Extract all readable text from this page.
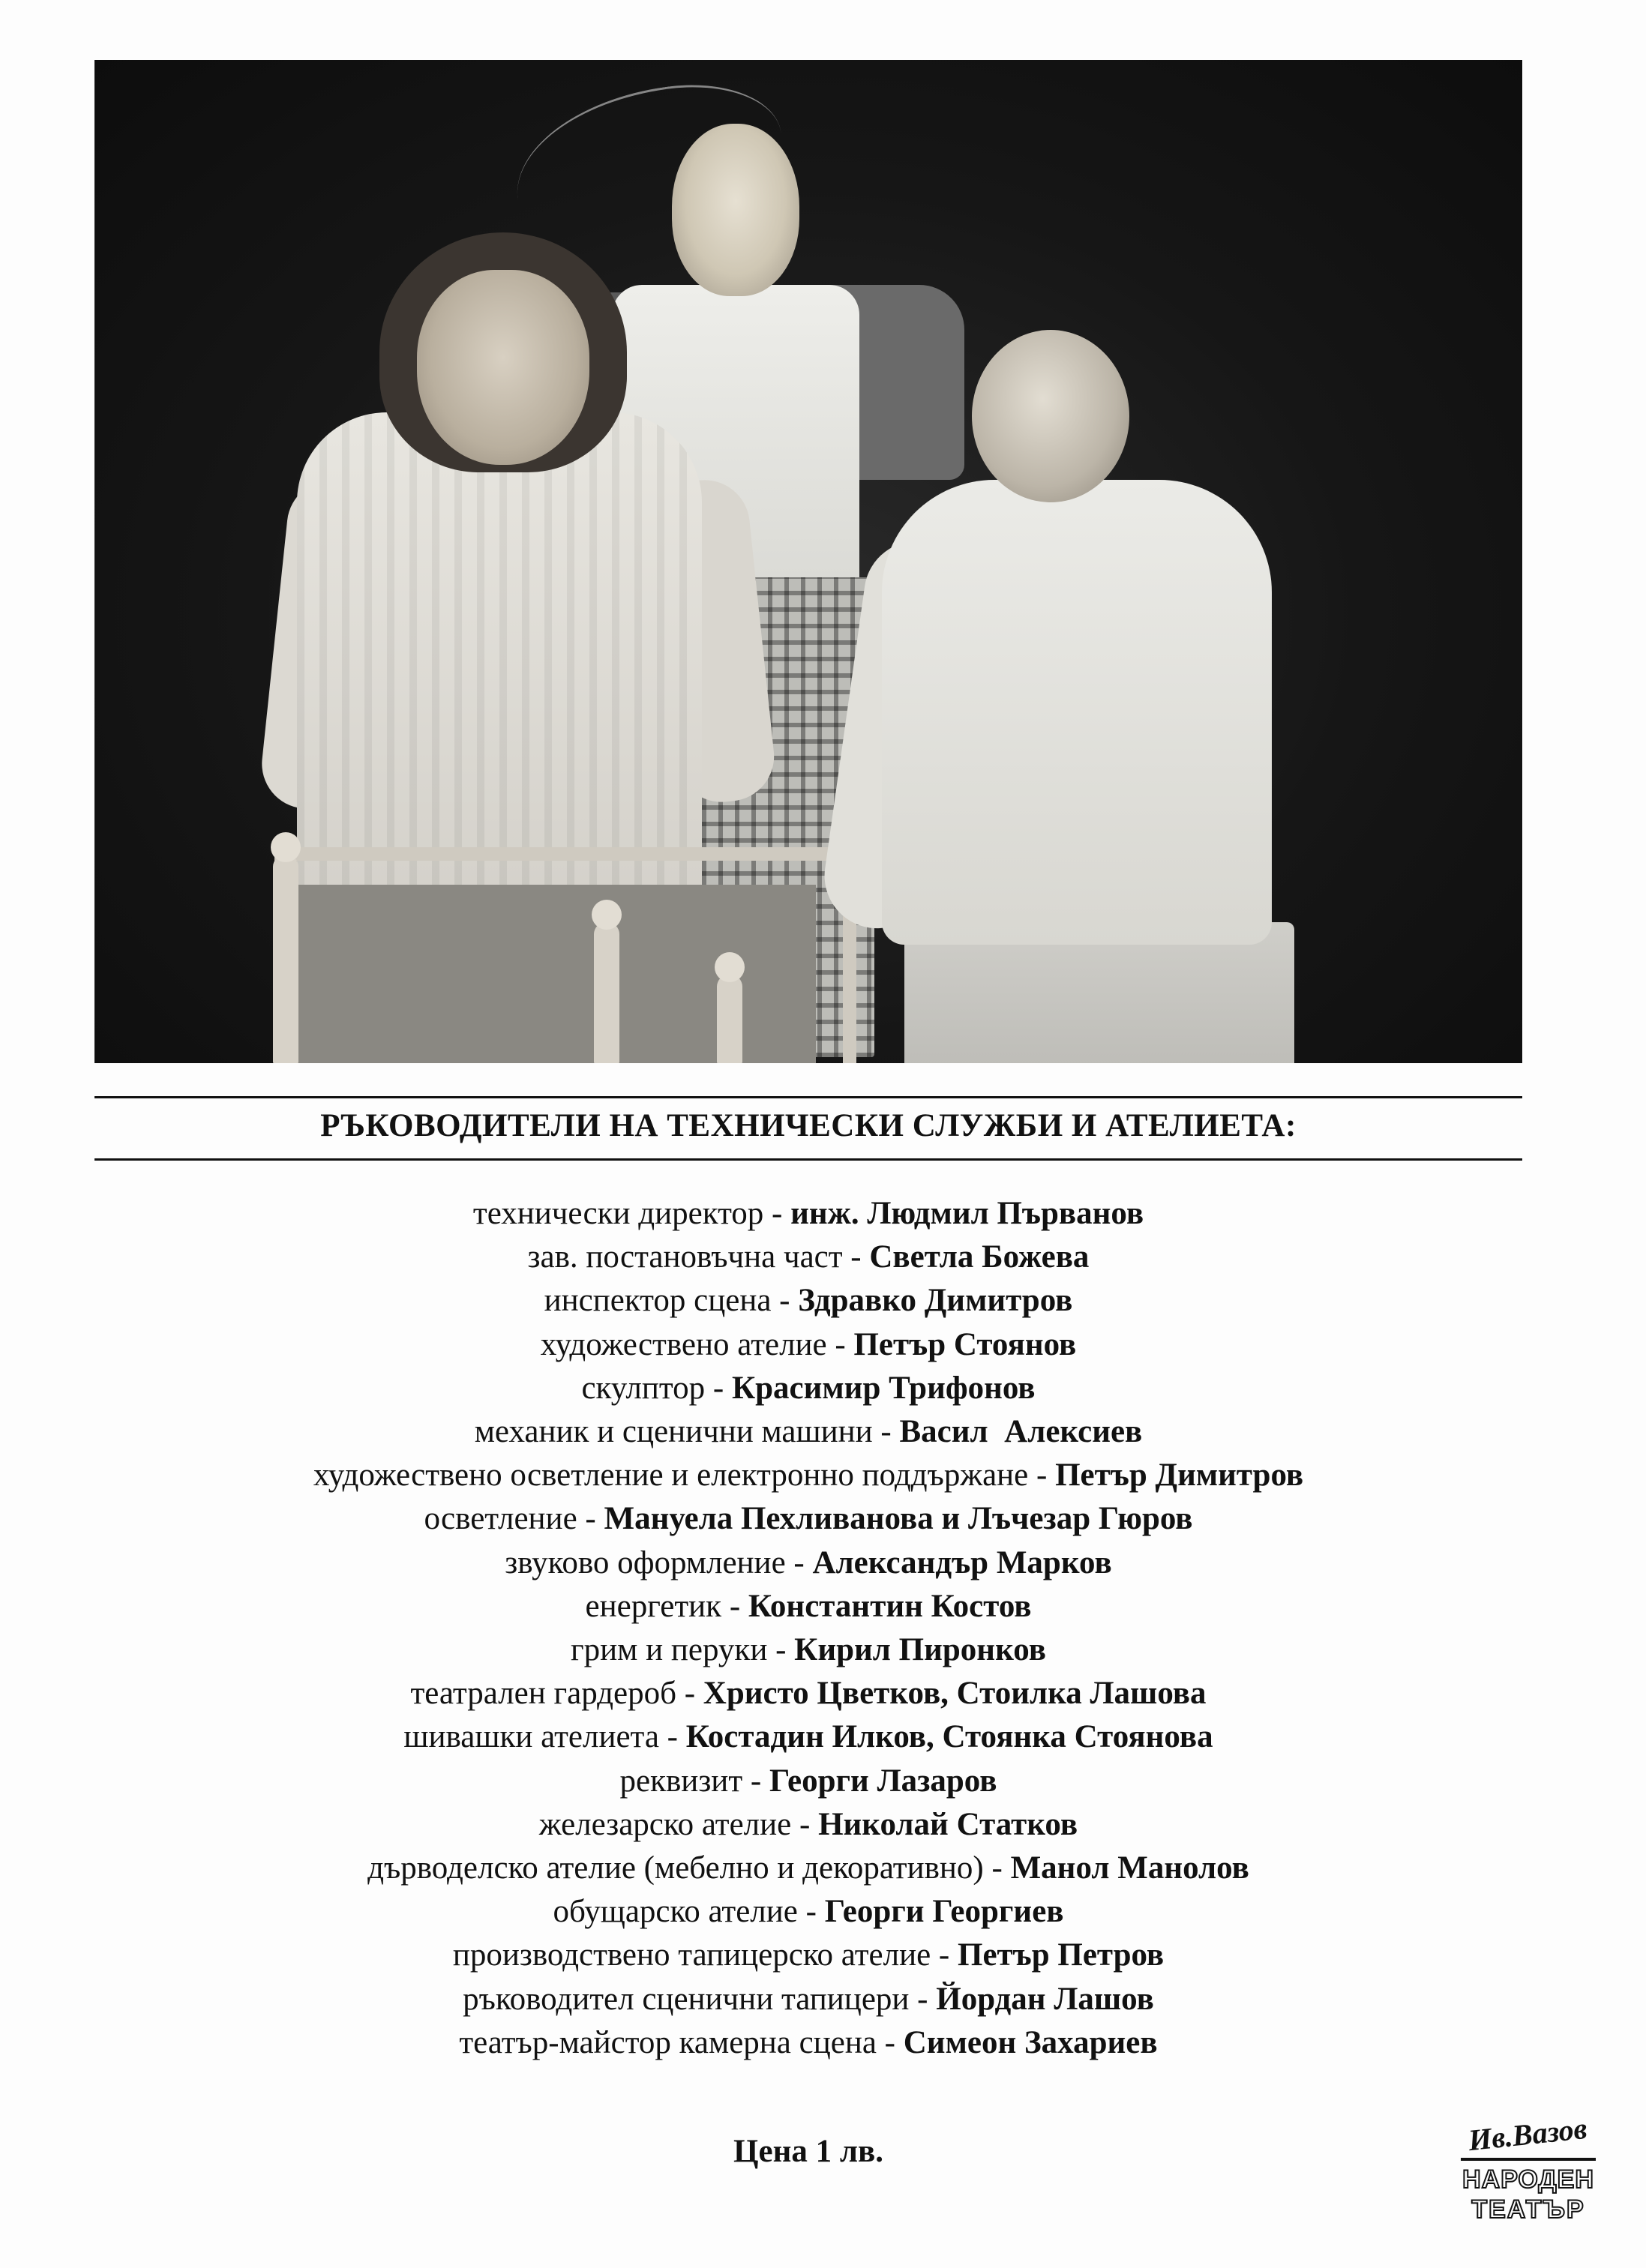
РЪКОВОДИТЕЛИ НА ТЕХНИЧЕСКИ СЛУЖБИ И АТЕЛИЕТА:
технически директор - инж. Людмил Първанов
зав. постановъчна част - Светла Божева
инспектор сцена - Здравко Димитров
художествено ателие - Петър Стоянов
скулптор - Красимир Трифонов
механик и сценични машини - Васил  Алексиев
художествено осветление и електронно поддържане - Петър Димитров
осветление - Мануела Пехливанова и Лъчезар Гюров
звуково оформление - Александър Марков
енергетик - Константин Костов
грим и перуки - Кирил Пиронков
театрален гардероб - Христо Цветков, Стоилка Лашова
шивашки ателиета - Костадин Илков, Стоянка Стоянова
реквизит - Георги Лазаров
железарско ателие - Николай Статков
дърводелско ателие (мебелно и декоративно) - Манол Манолов
обущарско ателие - Георги Георгиев
производствено тапицерско ателие - Петър Петров
ръководител сценични тапицери - Йордан Лашов
театър-майстор камерна сцена - Симеон Захариев
Цена 1 лв.	Ив.Вазов
НАРОДЕН
ТЕАТЪР
